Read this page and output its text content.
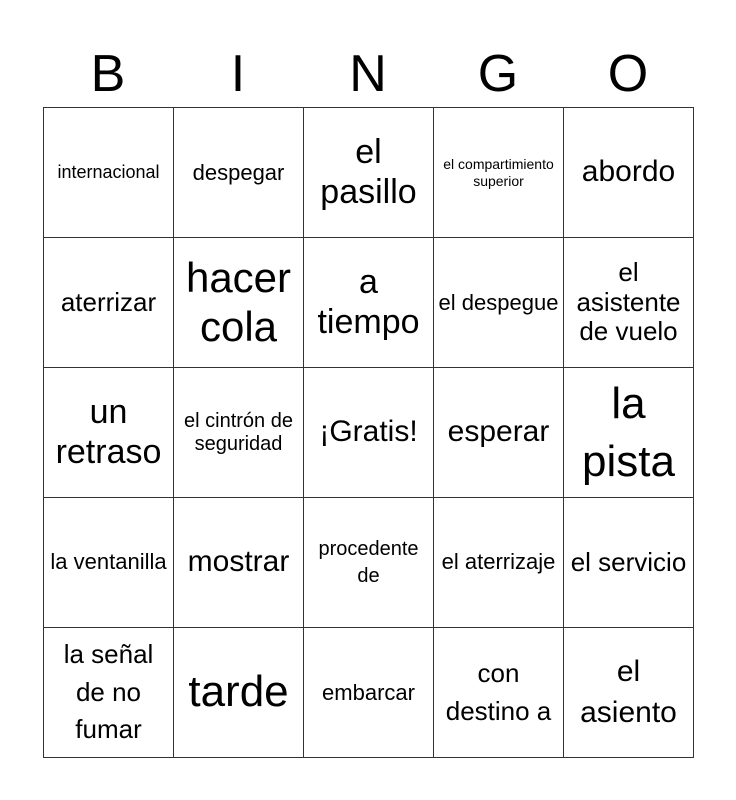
B	I	N	G	O
internacional	despegar	el pasillo	el compartimiento superior	abordo
aterrizar	hacer cola	a tiempo	el despegue	el asistente de vuelo
un retraso	el cintrón de seguridad	¡Gratis!	esperar	la pista
la ventanilla	mostrar	procedente de	el aterrizaje	el servicio
la señal de no fumar	tarde	embarcar	con destino a	el asiento
